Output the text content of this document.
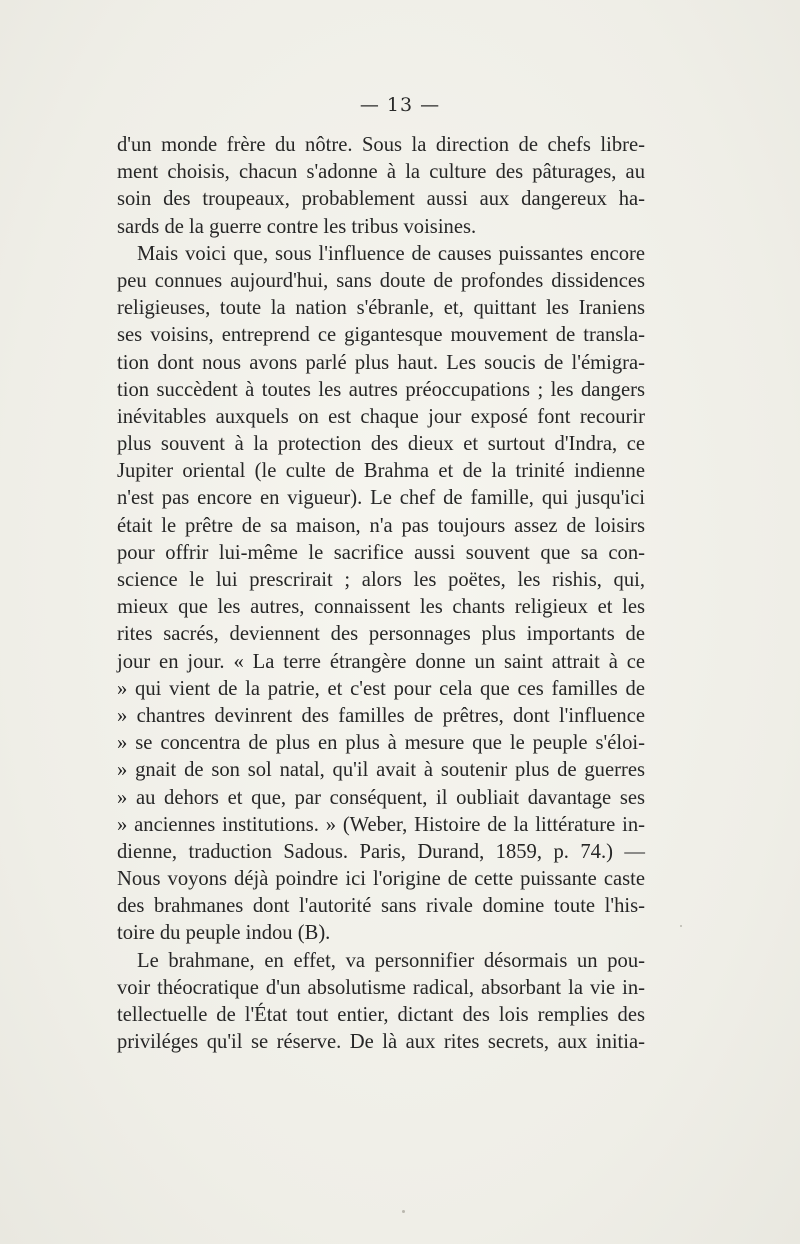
— 13 —
d'un monde frère du nôtre. Sous la direction de chefs libre-
ment choisis, chacun s'adonne à la culture des pâturages, au
soin des troupeaux, probablement aussi aux dangereux ha-
sards de la guerre contre les tribus voisines.
Mais voici que, sous l'influence de causes puissantes encore
peu connues aujourd'hui, sans doute de profondes dissidences
religieuses, toute la nation s'ébranle, et, quittant les Iraniens
ses voisins, entreprend ce gigantesque mouvement de transla-
tion dont nous avons parlé plus haut. Les soucis de l'émigra-
tion succèdent à toutes les autres préoccupations ; les dangers
inévitables auxquels on est chaque jour exposé font recourir
plus souvent à la protection des dieux et surtout d'Indra, ce
Jupiter oriental (le culte de Brahma et de la trinité indienne
n'est pas encore en vigueur). Le chef de famille, qui jusqu'ici
était le prêtre de sa maison, n'a pas toujours assez de loisirs
pour offrir lui-même le sacrifice aussi souvent que sa con-
science le lui prescrirait ; alors les poëtes, les rishis, qui,
mieux que les autres, connaissent les chants religieux et les
rites sacrés, deviennent des personnages plus importants de
jour en jour. « La terre étrangère donne un saint attrait à ce
» qui vient de la patrie, et c'est pour cela que ces familles de
» chantres devinrent des familles de prêtres, dont l'influence
» se concentra de plus en plus à mesure que le peuple s'éloi-
» gnait de son sol natal, qu'il avait à soutenir plus de guerres
» au dehors et que, par conséquent, il oubliait davantage ses
» anciennes institutions. » (Weber, Histoire de la littérature in-
dienne, traduction Sadous. Paris, Durand, 1859, p. 74.) —
Nous voyons déjà poindre ici l'origine de cette puissante caste
des brahmanes dont l'autorité sans rivale domine toute l'his-
toire du peuple indou (B).
Le brahmane, en effet, va personnifier désormais un pou-
voir théocratique d'un absolutisme radical, absorbant la vie in-
tellectuelle de l'État tout entier, dictant des lois remplies des
priviléges qu'il se réserve. De là aux rites secrets, aux initia-
